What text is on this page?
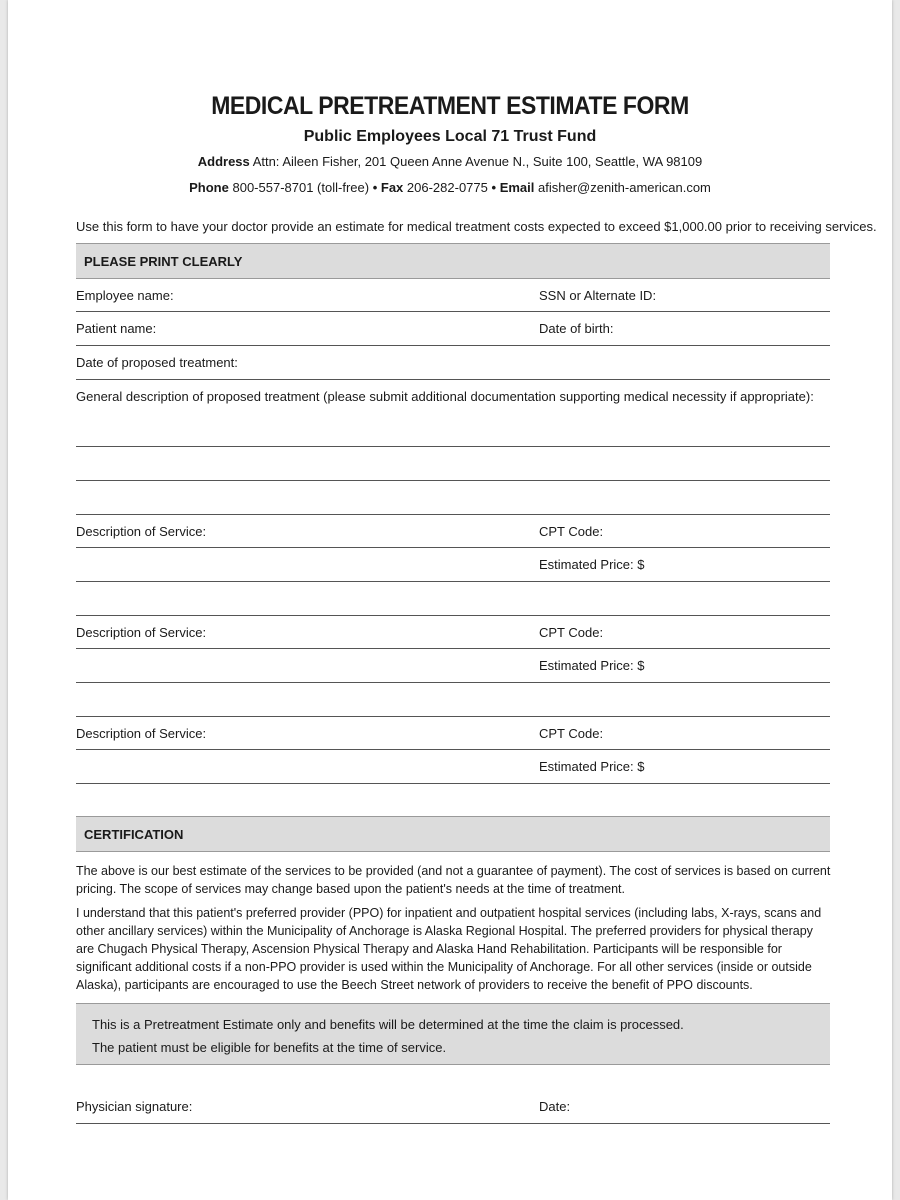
MEDICAL PRETREATMENT ESTIMATE FORM
Public Employees Local 71 Trust Fund
Address Attn: Aileen Fisher, 201 Queen Anne Avenue N., Suite 100, Seattle, WA 98109
Phone 800-557-8701 (toll-free) • Fax 206-282-0775 • Email afisher@zenith-american.com
Use this form to have your doctor provide an estimate for medical treatment costs expected to exceed $1,000.00 prior to receiving services.
PLEASE PRINT CLEARLY
Employee name:	SSN or Alternate ID:
Patient name:	Date of birth:
Date of proposed treatment:
General description of proposed treatment (please submit additional documentation supporting medical necessity if appropriate):
Description of Service:	CPT Code:
Estimated Price: $
Description of Service:	CPT Code:
Estimated Price: $
Description of Service:	CPT Code:
Estimated Price: $
CERTIFICATION
The above is our best estimate of the services to be provided (and not a guarantee of payment). The cost of services is based on current pricing. The scope of services may change based upon the patient's needs at the time of treatment.
I understand that this patient's preferred provider (PPO) for inpatient and outpatient hospital services (including labs, X-rays, scans and other ancillary services) within the Municipality of Anchorage is Alaska Regional Hospital. The preferred providers for physical therapy are Chugach Physical Therapy, Ascension Physical Therapy and Alaska Hand Rehabilitation. Participants will be responsible for significant additional costs if a non-PPO provider is used within the Municipality of Anchorage. For all other services (inside or outside Alaska), participants are encouraged to use the Beech Street network of providers to receive the benefit of PPO discounts.
This is a Pretreatment Estimate only and benefits will be determined at the time the claim is processed.
The patient must be eligible for benefits at the time of service.
Physician signature:	Date:
